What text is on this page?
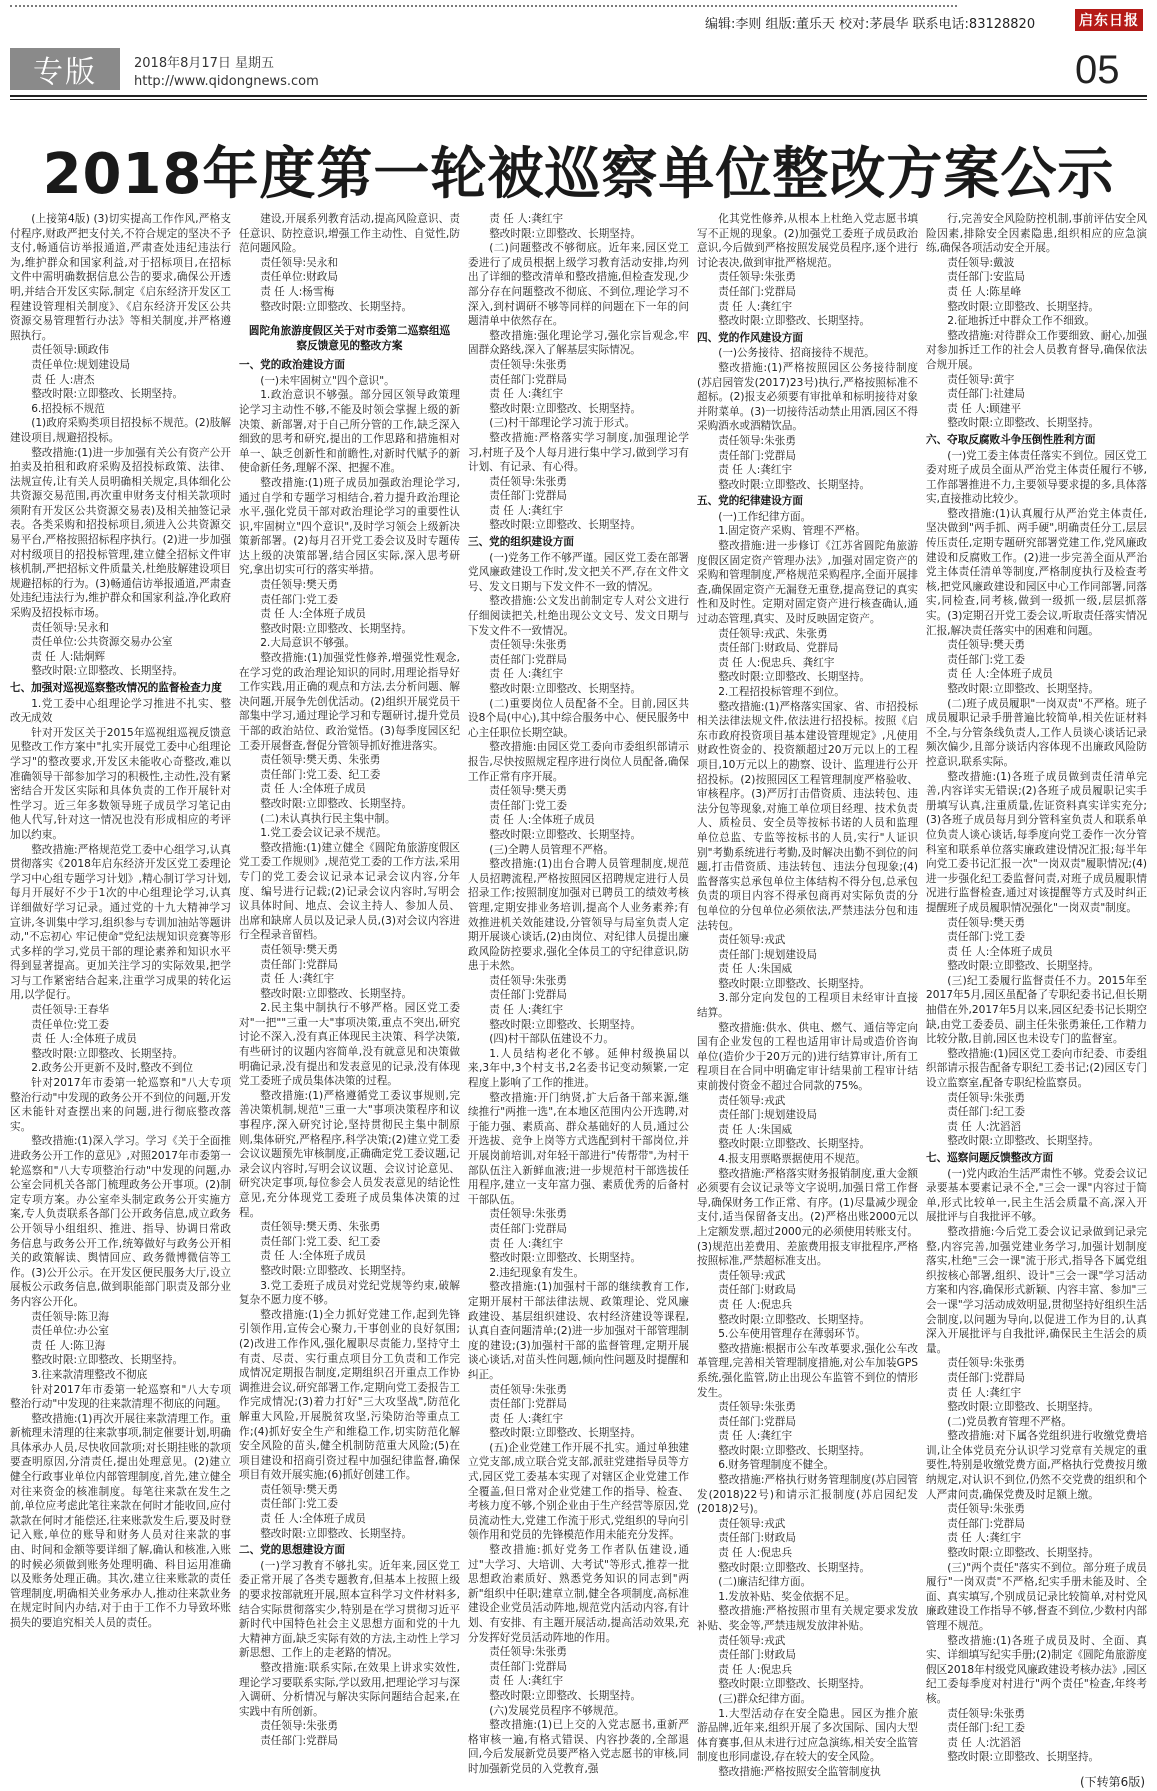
编辑:李则 组版:董乐天 校对:茅晨华 联系电话:83128820	启东日报
专版	2018年8月17日 星期五
http://www.qidongnews.com	05
2018年度第一轮被巡察单位整改方案公示

(上接第4版) (3)切实提高工作作风,严格支付程序,财政严把支付关,不符合规定的坚决不予支付,畅通信访举报通道,严肃查处违纪违法行为,维护群众和国家利益,对于招标项目,在招标文件中需明确数据信息公告的要求,确保公开透明,并结合开发区实际,制定《启东经济开发区工程建设管理相关制度》、《启东经济开发区公共资源交易管理暂行办法》等相关制度,并严格遵照执行。

责任领导:顾政伟

责任单位:规划建设局

责 任 人:唐杰

整改时限:立即整改、长期坚持。

6.招投标不规范

(1)政府采购类项目招投标不规范。(2)肢解建设项目,规避招投标。

整改措施:(1)进一步加强有关公有资产公开拍卖及拍租和政府采购及招投标政策、法律、法规宣传,让有关人员明确相关规定,具体细化公共资源交易范围,再次重申财务支付相关款项时须附有开发区公共资源交易表)及相关抽签记录表。各类采购和招投标项目,须进入公共资源交易平台,严格按照招标程序执行。(2)进一步加强对村级项目的招投标管理,建立健全招标文件审核机制,严把招标文件质量关,杜绝肢解建设项目规避招标的行为。(3)畅通信访举报通道,严肃查处违纪违法行为,维护群众和国家利益,净化政府采购及招投标市场。

责任领导:吴永和

责任单位:公共资源交易办公室

责 任 人:陆炯辉

整改时限:立即整改、长期坚持。

七、加强对巡视巡察整改情况的监督检查力度

1.党工委中心组理论学习推进不扎实、整改无成效

针对开发区关于2015年巡视组巡视反馈意见整改工作方案中"扎实开展党工委中心组理论学习"的整改要求,开发区未能收心奇整改,难以准确领导干部参加学习的积极性,主动性,没有紧密结合开发区实际和具体负责的工作开展针对性学习。近三年多数领导班子成员学习笔记由他人代写,针对这一情况也没有形成相应的考评加以约束。

整改措施:严格规范党工委中心组学习,认真贯彻落实《2018年启东经济开发区党工委理论学习中心组专题学习计划》,精心制订学习计划,每月开展好不少于1次的中心组理论学习,认真详细做好学习记录。通过党的十九大精神学习宣讲,冬训集中学习,组织参与专训加油站等题讲动,"不忘初心 牢记使命"党纪法规知识竞赛等形式多样的学习,党员干部的理论素养和知识水平得到显著提高。更加关注学习的实际效果,把学习与工作紧密结合起来,注重学习成果的转化运用,以学促行。

责任领导:王春华

责任单位:党工委

责 任 人:全体班子成员

整改时限:立即整改、长期坚持。

2.政务公开更新不及时,整改不到位

针对2017年市委第一轮巡察和"八大专项整治行动"中发现的政务公开不到位的问题,开发区未能针对查摆出来的问题,进行彻底整改落实。

整改措施:(1)深入学习。学习《关于全面推进政务公开工作的意见》,对照2017年市委第一轮巡察和"八大专项整治行动"中发现的问题,办公室会同机关各部门梳理政务公开事项。(2)制定专项方案。办公室牵头制定政务公开实施方案,专人负责联系各部门公开政务信息,成立政务公开领导小组组织、推进、指导、协调日常政务信息与政务公开工作,统筹做好与政务公开相关的政策解读、舆情回应、政务微博微信等工作。(3)公开公示。在开发区便民服务大厅,设立展板公示政务信息,做到职能部门职责及部分业务内容公开化。

责任领导:陈卫海

责任单位:办公室

责 任 人:陈卫海

整改时限:立即整改、长期坚持。

3.往来款清理整改不彻底

针对2017年市委第一轮巡察和"八大专项整治行动"中发现的往来款清理不彻底的问题。

整改措施:(1)再次开展往来款清理工作。重新梳理未清理的往来款事项,制定催要计划,明确具体承办人员,尽快收回款项;对长期挂账的款项要查明原因,分清责任,提出处理意见。(2)建立健全行政事业单位内部管理制度,首先,建立健全对往来资金的核准制度。每笔往来款在发生之前,单位应考虑此笔往来款在何时才能收回,应付款款在何时才能偿还,往来账款发生后,要及时登记入账,单位的账导和财务人员对往来款的事由、时间和金额等要详细了解,确认和核准,入账的时候必须做到账务处理明确、科目运用准确以及账务处理正确。其次,建立往来账款的责任管理制度,明确相关业务承办人,推动往来款业务在规定时间内办结,对于由于工作不力导致坏账损失的要追究相关人员的责任。

建设,开展系列教育活动,提高风险意识、责任意识、防控意识,增强工作主动性、自觉性,防范问题风险。

责任领导:吴永和

责任单位:财政局

责 任 人:杨雪梅

整改时限:立即整改、长期坚持。

圆陀角旅游度假区关于对市委第二巡察组巡察反馈意见的整改方案

一、党的政治建设方面

(一)未牢固树立"四个意识"。

1.政治意识不够强。部分园区领导政策理论学习主动性不够,不能及时领会掌握上级的新决策、新部署,对于自己所分管的工作,缺乏深入细致的思考和研究,提出的工作思路和措施相对单一、缺乏创新性和前瞻性,对新时代赋予的新使命新任务,理解不深、把握不准。

整改措施:(1)班子成员加强政治理论学习,通过自学和专题学习相结合,着力提升政治理论水平,强化党员干部对政治理论学习的重要性认识,牢固树立"四个意识",及时学习领会上级新决策新部署。(2)每月召开党工委会议及时专题传达上级的决策部署,结合园区实际,深入思考研究,拿出切实可行的落实举措。

责任领导:樊天勇

责任部门:党工委

责 任 人:全体班子成员

整改时限:立即整改、长期坚持。

2.大局意识不够强。

整改措施:(1)加强党性修养,增强党性观念,在学习党的政治理论知识的同时,用理论指导好工作实践,用正确的观点和方法,去分析问题、解决问题,开展争先创优活动。(2)组织开展党员干部集中学习,通过理论学习和专题研讨,提升党员干部的政治站位、政治觉悟。(3)每季度园区纪工委开展督查,督促分管领导抓好推进落实。

责任领导:樊天勇、朱张勇

责任部门:党工委、纪工委

责 任 人:全体班子成员

整改时限:立即整改、长期坚持。

(二)未认真执行民主集中制。

1.党工委会议记录不规范。

整改措施:(1)建立健全《圆陀角旅游度假区党工委工作规则》,规范党工委的工作方法,采用专门的党工委会议记录本记录会议内容,分年度、编号进行记载;(2)记录会议内容时,写明会议具体时间、地点、会议主持人、参加人员、出席和缺席人员以及记录人员,(3)对会议内容进行全程录音留档。

责任领导:樊天勇

责任部门:党群局

责 任 人:龚红宇

整改时限:立即整改、长期坚持。

2.民主集中制执行不够严格。园区党工委对"一把""三重一大"事项决策,重点不突出,研究讨论不深入,没有真正体现民主决策、科学决策,有些研讨的议题内容简单,没有就意见和决策做明确记录,没有提出和发表意见的记录,没有体现党工委班子成员集体决策的过程。

整改措施:(1)严格遵循党工委议事规则,完善决策机制,规范"三重一大"事项决策程序和议事程序,深入研究讨论,坚持贯彻民主集中制原则,集体研究,严格程序,科学决策;(2)建立党工委会议议题预先审核制度,正确确定党工委议题,记录会议内容时,写明会议议题、会议讨论意见、研究决定事项,每位参会人员发表意见的结论性意见,充分体现党工委班子成员集体决策的过程。

责任领导:樊天勇、朱张勇

责任部门:党工委、纪工委

责 任 人:全体班子成员

整改时限:立即整改、长期坚持。

3.党工委班子成员对党纪党规等约束,破解复杂不愿力度不够。

整改措施:(1)全力抓好党建工作,起到先锋引领作用,宣传会心聚力,干事创业的良好氛围;(2)改进工作作风,强化履职尽责能力,坚持守土有责、尽责、实行重点项目分工负责和工作完成情况定期报告制度,定期组织召开重点工作协调推进会议,研究部署工作,定期向党工委报告工作完成情况;(3)着力打好"三大攻坚战",防范化解重大风险,开展脱贫攻坚,污染防治等重点工作;(4)抓好安全生产和维稳工作,切实防范化解安全风险的苗头,健全机制防范重大风险;(5)在项目建设和招商引资过程中加强纪律监督,确保项目有效开展实施;(6)抓好创建工作。

责任领导:樊天勇

责任部门:党工委

责 任 人:全体班子成员

整改时限:立即整改、长期坚持。

二、党的思想建设方面

(一)学习教育不够扎实。近年来,园区党工委正常开展了各类专题教育,但基本上按照上级的要求按部就班开展,照本宣科学习文件材料多,结合实际贯彻落实少,特别是在学习贯彻习近平新时代中国特色社会主义思想方面和党的十九大精神方面,缺乏实际有效的方法,主动性上学习新思想、工作上的走老路的情况。

整改措施:联系实际,在效果上讲求实效性,理论学习要联系实际,学以致用,把理论学习与深入调研、分析情况与解决实际问题结合起来,在实践中有所创新。

责任领导:朱张勇

责任部门:党群局

责 任 人:龚红宇

整改时限:立即整改、长期坚持。

(二)问题整改不够彻底。近年来,园区党工委进行了成员根据上级学习教育活动安排,均列出了详细的整改清单和整改措施,但检查发现,少部分存在问题整改不彻底、不到位,理论学习不深入,到村调研不够等同样的问题在下一年的问题清单中依然存在。

整改措施:强化理论学习,强化宗旨观念,牢固群众路线,深入了解基层实际情况。

责任领导:朱张勇

责任部门:党群局

责 任 人:龚红宇

整改时限:立即整改、长期坚持。

(三)村干部理论学习流于形式。

整改措施:严格落实学习制度,加强理论学习,村班子及个人每月进行集中学习,做到学习有计划、有记录、有心得。

责任领导:朱张勇

责任部门:党群局

责 任 人:龚红宇

整改时限:立即整改、长期坚持。

三、党的组织建设方面

(一)党务工作不够严谨。园区党工委在部署党风廉政建设工作时,发文把关不严,存在文件文号、发文日期与下发文件不一致的情况。

整改措施:公文发出前制定专人对公文进行仔细阅读把关,杜绝出现公文文号、发文日期与下发文件不一致情况。

责任领导:朱张勇

责任部门:党群局

责 任 人:龚红宇

整改时限:立即整改、长期坚持。

(二)重要岗位人员配备不全。目前,园区共设8个局(中心),其中综合服务中心、便民服务中心主任职位长期空缺。

整改措施:由园区党工委向市委组织部请示报告,尽快按照规定程序进行岗位人员配备,确保工作正常有序开展。

责任领导:樊天勇

责任部门:党工委

责 任 人:全体班子成员

整改时限:立即整改、长期坚持。

(三)全聘人员管理不严格。

整改措施:(1)出台合聘人员管理制度,规范人员招聘流程,严格按照园区招聘规定进行人员招录工作;按照制度加强对已聘员工的绩效考核管理,定期安排业务培训,提高个人业务素养;有效推进机关效能建设,分管领导与局室负责人定期开展谈心谈话,(2)由岗位、对纪律人员提出廉政风险防控要求,强化全体员工的守纪律意识,防患于未然。

责任领导:朱张勇

责任部门:党群局

责 任 人:龚红宇

整改时限:立即整改、长期坚持。

(四)村干部队伍建设不力。

1.人员结构老化不够。延伸村级换届以来,3年中,3个村支书,2名委书记变动频繁,一定程度上影响了工作的推进。

整改措施:开门纳贤,扩大后备干部来源,继续推行"两推一选",在本地区范围内公开选聘,对于能力强、素质高、群众基础好的人员,通过公开选拔、竞争上岗等方式选配到村干部岗位,并开展岗前培训,对年轻干部进行"传帮带",为村干部队伍注入新鲜血液;进一步规范村干部选拔任用程序,建立一支年富力强、素质优秀的后备村干部队伍。

责任领导:朱张勇

责任部门:党群局

责 任 人:龚红宇

整改时限:立即整改、长期坚持。

2.违纪现象有发生。

整改措施:(1)加强村干部的继续教育工作,定期开展村干部法律法规、政策理论、党风廉政建设、基层组织建设、农村经济建设等课程,认真自查问题清单;(2)进一步加强对干部管理制度的建设;(3)加强村干部的监督管理,定期开展谈心谈话,对苗头性问题,倾向性问题及时提醒和纠正。

责任领导:朱张勇

责任部门:党群局

责 任 人:龚红宇

整改时限:立即整改、长期坚持。

(五)企业党建工作开展不扎实。通过单独建立党支部,成立联合党支部,派驻党建指导员等方式,园区党工委基本实现了对辖区企业党建工作全覆盖,但日常对企业党建工作的指导、检查、考核力度不够,个别企业由于生产经营等原因,党员流动性大,党建工作流于形式,党组织的导向引领作用和党员的先锋模范作用未能充分发挥。

整改措施:抓好党务工作者队伍建设,通过"大学习、大培训、大考试"等形式,推荐一批思想政治素质好、熟悉党务知识的同志到"两新"组织中任职;建章立制,健全各项制度,高标准建设企业党员活动阵地,规范党内活动内容,有计划、有安排、有主题开展活动,提高活动效果,充分发挥好党员活动阵地的作用。

责任领导:朱张勇

责任部门:党群局

责 任 人:龚红宇

整改时限:立即整改、长期坚持。

(六)发展党员程序不够规范。

整改措施:(1)已上交的入党志愿书,重新严格审核一遍,有格式错误、内容抄袭的,全部退回,今后发展新党员要严格入党志愿书的审核,同时加强新党员的入党教育,强

化其党性修养,从根本上杜绝入党志愿书填写不正规的现象。(2)加强党工委班子成员政治意识,今后做到严格按照发展党员程序,逐个进行讨论表决,做到审批严格规范。

责任领导:朱张勇

责任部门:党群局

责 任 人:龚红宇

整改时限:立即整改、长期坚持。

四、党的作风建设方面

(一)公务接待、招商接待不规范。

整改措施:(1)严格按照园区公务接待制度(苏启园管发(2017)23号)执行,严格按照标准不超标。(2)报支必须要有审批单和标明接待对象并附菜单。(3)一切接待活动禁止用酒,园区不得采购酒水或酒精饮品。

责任领导:朱张勇

责任部门:党群局

责 任 人:龚红宇

整改时限:立即整改、长期坚持。

五、党的纪律建设方面

(一)工作纪律方面。

1.固定资产采购、管理不严格。

整改措施:进一步修订《江苏省圆陀角旅游度假区固定资产管理办法》,加强对固定资产的采购和管理制度,严格规范采购程序,全面开展排查,确保固定资产无漏登无重登,提高登记的真实性和及时性。定期对固定资产进行核查确认,通过动态管理,真实、及时反映固定资产。

责任领导:戎武、朱张勇

责任部门:财政局、党群局

责 任 人:倪忠兵、龚红宇

整改时限:立即整改、长期坚持。

2.工程招投标管理不到位。

整改措施:(1)严格落实国家、省、市招投标相关法律法规文件,依法进行招投标。按照《启东市政府投资项目基本建设管理规定》,凡使用财政性资金的、投资额超过20万元以上的工程项目,10万元以上的勘察、设计、监理进行公开招投标。(2)按照园区工程管理制度严格验收、审核程序。(3)严厉打击借资质、违法转包、违法分包等现象,对施工单位项目经理、技术负责人、质检员、安全员等按标书诺的人员和监理单位总监、专监等按标书的人员,实行"人证识别"考勤系统进行考勤,及时解决出勤不到位的问题,打击借资质、违法转包、违法分包现象;(4)监督落实总承包单位主体结构不得分包,总承包负责的项目内容不得承包商再对实际负责的分包单位的分包单位必须依法,严禁违法分包和违法转包。

责任领导:戎武

责任部门:规划建设局

责 任 人:朱国威

整改时限:立即整改、长期坚持。

3.部分定向发包的工程项目未经审计直接结算。

整改措施:供水、供电、燃气、通信等定向国有企业发包的工程也适用审计局或造价咨询单位(造价少于20万元的)进行结算审计,所有工程项目在合同中明确定审计结果前工程审计结束前拨付资金不超过合同款的75%。

责任领导:戎武

责任部门:规划建设局

责 任 人:朱国威

整改时限:立即整改、长期坚持。

4.报支用票略票据使用不规范。

整改措施:严格落实财务报销制度,重大金额必须要有会议记录等文字说明,加强日常工作督导,确保财务工作正常、有序。(1)尽量减少现金支付,适当保留备支出。(2)严格出账2000元以上定额发票,超过2000元的必须使用转账支付。(3)规范出差费用、差旅费用报支审批程序,严格按照标准,严禁超标准支出。

责任领导:戎武

责任部门:财政局

责 任 人:倪忠兵

整改时限:立即整改、长期坚持。

5.公车使用管理存在薄弱环节。

整改措施:根据市公车改革要求,强化公车改革管理,完善相关管理制度措施,对公车加装GPS系统,强化监管,防止出现公车监管不到位的情形发生。

责任领导:朱张勇

责任部门:党群局

责 任 人:龚红宇

整改时限:立即整改、长期坚持。

6.财务管理制度不健全。

整改措施:严格执行财务管理制度(苏启园管发(2018)22号)和请示汇报制度(苏启园纪发(2018)2号)。

责任领导:戎武

责任部门:财政局

责 任 人:倪忠兵

整改时限:立即整改、长期坚持。

(二)廉洁纪律方面。

1.发放补贴、奖金依据不足。

整改措施:严格按照市里有关规定要求发放补贴、奖金等,严禁违规发放津补贴。

责任领导:戎武

责任部门:财政局

责 任 人:倪忠兵

整改时限:立即整改、长期坚持。

(三)群众纪律方面。

1.大型活动存在安全隐患。园区为推介旅游品牌,近年来,组织开展了多次国际、国内大型体育赛事,但从未进行过应急演练,相关安全监管制度也形同虚设,存在较大的安全风险。

整改措施:严格按照安全监管制度执

行,完善安全风险防控机制,事前评估安全风险因素,排除安全因素隐患,组织相应的应急演练,确保各项活动安全开展。

责任领导:戴波

责任部门:安监局

责 任 人:陈星峰

整改时限:立即整改、长期坚持。

2.征地拆迁中群众工作不细致。

整改措施:对待群众工作要细致、耐心,加强对参加拆迁工作的社会人员教育督导,确保依法合规开展。

责任领导:黄宇

责任部门:社建局

责 任 人:顾建平

整改时限:立即整改、长期坚持。

六、夺取反腐败斗争压倒性胜利方面

(一)党工委主体责任落实不到位。园区党工委对班子成员全面从严治党主体责任履行不够,工作部署推进不力,主要领导要求提的多,具体落实,直接推动比较少。

整改措施:(1)认真履行从严治党主体责任,坚决做到"两手抓、两手硬",明确责任分工,层层传压责任,定期专题研究部署党建工作,党风廉政建设和反腐败工作。(2)进一步完善全面从严治党主体责任清单等制度,严格制度执行及检查考核,把党风廉政建设和园区中心工作同部署,同落实,同检查,同考核,做到一级抓一级,层层抓落实。(3)定期召开党工委会议,听取责任落实情况汇报,解决责任落实中的困难和问题。

责任领导:樊天勇

责任部门:党工委

责 任 人:全体班子成员

整改时限:立即整改、长期坚持。

(二)班子成员履职"一岗双责"不严格。班子成员履职记录手册普遍比较简单,相关佐证材料不全,与分管条线负责人,工作人员谈心谈话记录频次偏少,且部分谈话内容体现不出廉政风险防控意识,联系实际。

整改措施:(1)各班子成员做到责任清单完善,内容详实无错误;(2)各班子成员履职记实手册填写认真,注重质量,佐证资料真实详实充分;(3)各班子成员每月到分管科室负责人和联系单位负责人谈心谈话,每季度向党工委作一次分管科室和联系单位落实廉政建设情况汇报;每半年向党工委书记汇报一次"一岗双责"履职情况;(4)进一步强化纪工委监督问责,对班子成员履职情况进行监督检查,通过对该提醒等方式及时纠正提醒班子成员履职情况强化"一岗双责"制度。

责任领导:樊天勇

责任部门:党工委

责 任 人:全体班子成员

整改时限:立即整改、长期坚持。

(三)纪工委履行监督责任不力。2015年至2017年5月,园区虽配备了专职纪委书记,但长期抽借在外,2017年5月以来,园区纪委书记长期空缺,由党工委委员、副主任朱张勇兼任,工作精力比较分散,目前,园区也未设专门的监督室。

整改措施:(1)园区党工委向市纪委、市委组织部请示报告配备专职纪工委书记;(2)园区专门设立监察室,配备专职纪检监察员。

责任领导:朱张勇

责任部门:纪工委

责 任 人:沈滔滔

整改时限:立即整改、长期坚持。

七、巡察问题反馈整改方面

(一)党内政治生活严肃性不够。党委会议记录要基本要素记录不全,"三会一课"内容过于简单,形式比较单一,民主生活会质量不高,深入开展批评与自我批评不够。

整改措施:今后党工委会议记录做到记录完整,内容完善,加强党建业务学习,加强计划制度落实,杜绝"三会一课"流于形式,指导各下属党组织按核心部署,组织、设计"三会一课"学习活动方案和内容,确保形式新颖、内容丰富、参加"三会一课"学习活动成效明显,贯彻坚持好组织生活会制度,以问题为导向,以促进工作为目的,认真深入开展批评与自我批评,确保民主生活会的质量。

责任领导:朱张勇

责任部门:党群局

责 任 人:龚红宇

整改时限:立即整改、长期坚持。

(二)党员教育管理不严格。

整改措施:对下属各党组织进行收缴党费培训,让全体党员充分认识学习党章有关规定的重要性,特别是收缴党费方面,严格执行党费按月缴纳规定,对认识不到位,仍然不交党费的组织和个人严肃问责,确保党费及时足额上缴。

责任领导:朱张勇

责任部门:党群局

责 任 人:龚红宇

整改时限:立即整改、长期坚持。

(三)"两个责任"落实不到位。部分班子成员履行"一岗双责"不严格,纪实手册未能及时、全面、真实填写,个别成员记录比较简单,对村党风廉政建设工作指导不够,督查不到位,少数村内部管理不规范。

整改措施:(1)各班子成员及时、全面、真实、详细填写纪实手册;(2)制定《圆陀角旅游度假区2018年村级党风廉政建设考核办法》,园区纪工委每季度对村进行"两个责任"检查,年终考核。

责任领导:朱张勇

责任部门:纪工委

责 任 人:沈滔滔

整改时限:立即整改、长期坚持。

(下转第6版)
